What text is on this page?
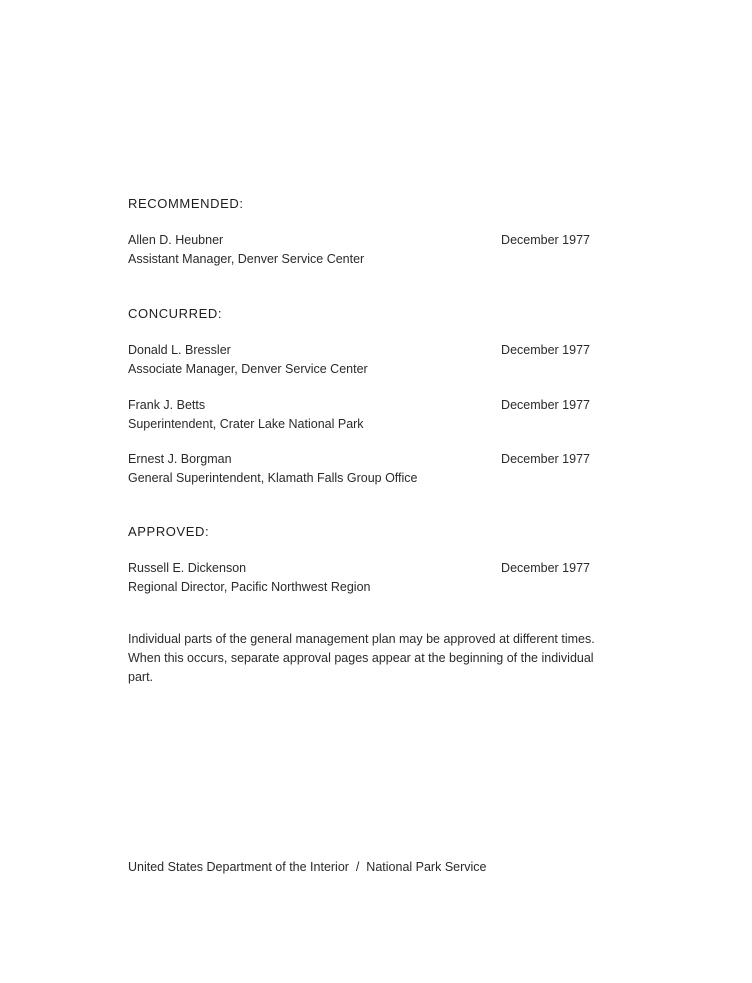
RECOMMENDED:
Allen D. Heubner	December 1977
Assistant Manager, Denver Service Center
CONCURRED:
Donald L. Bressler	December 1977
Associate Manager, Denver Service Center
Frank J. Betts	December 1977
Superintendent, Crater Lake National Park
Ernest J. Borgman	December 1977
General Superintendent, Klamath Falls Group Office
APPROVED:
Russell E. Dickenson	December 1977
Regional Director, Pacific Northwest Region
Individual parts of the general management plan may be approved at different times. When this occurs, separate approval pages appear at the beginning of the individual part.
United States Department of the Interior  /  National Park Service
